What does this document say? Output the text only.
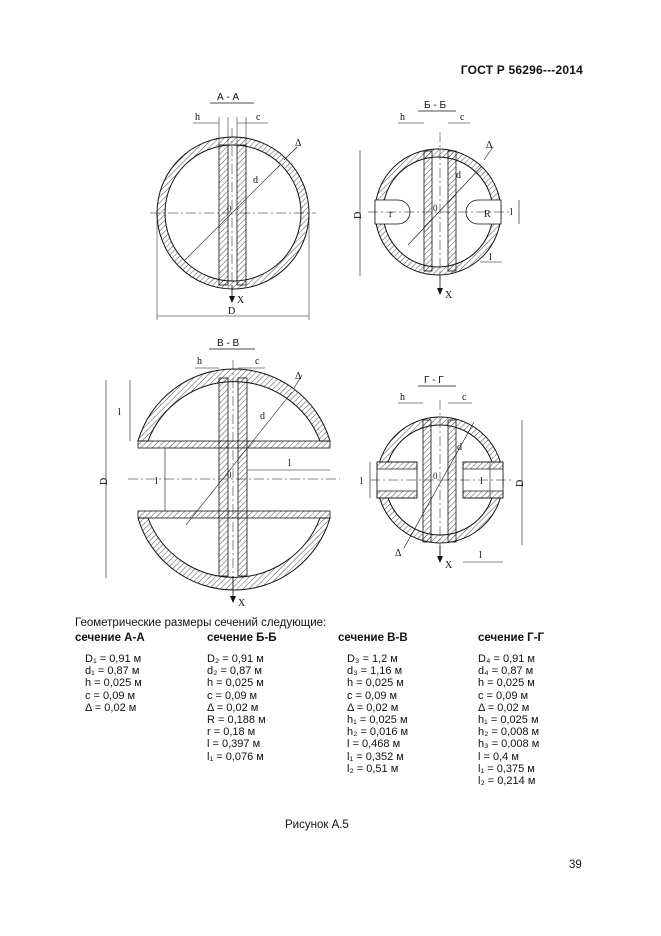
ГОСТ Р 56296---2014
А - А
h	c
d
Δ
0
X
D
Б - Б
h	c
d
Δ
0
r	R
D	l
l
X
В - В
h	c
d
Δ
0
D
l
l
l
X
Г - Г
h	c
d
Δ
0
D
l	l
l
X
Геометрические размеры сечений следующие:
сечение А-А
D₁ = 0,91 м
d₁ = 0,87 м
h = 0,025 м
c = 0,09 м
Δ = 0,02 м
сечение Б-Б
D₂ = 0,91 м
d₂ = 0,87 м
h = 0,025 м
c = 0,09 м
Δ = 0,02 м
R = 0,188 м
r = 0,18 м
l = 0,397 м
l₁ = 0,076 м
сечение В-В
D₃ = 1,2 м
d₃ = 1,16 м
h = 0,025 м
c = 0,09 м
Δ = 0,02 м
h₁ = 0,025 м
h₂ = 0,016 м
l = 0,468 м
l₁ = 0,352 м
l₂ = 0,51 м
сечение Г-Г
D₄ = 0,91 м
d₄ = 0,87 м
h = 0,025 м
c = 0,09 м
Δ = 0,02 м
h₁ = 0,025 м
h₂ = 0,008 м
h₃ = 0,008 м
l = 0,4 м
l₁ = 0,375 м
l₂ = 0,214 м
Рисунок А.5
39
